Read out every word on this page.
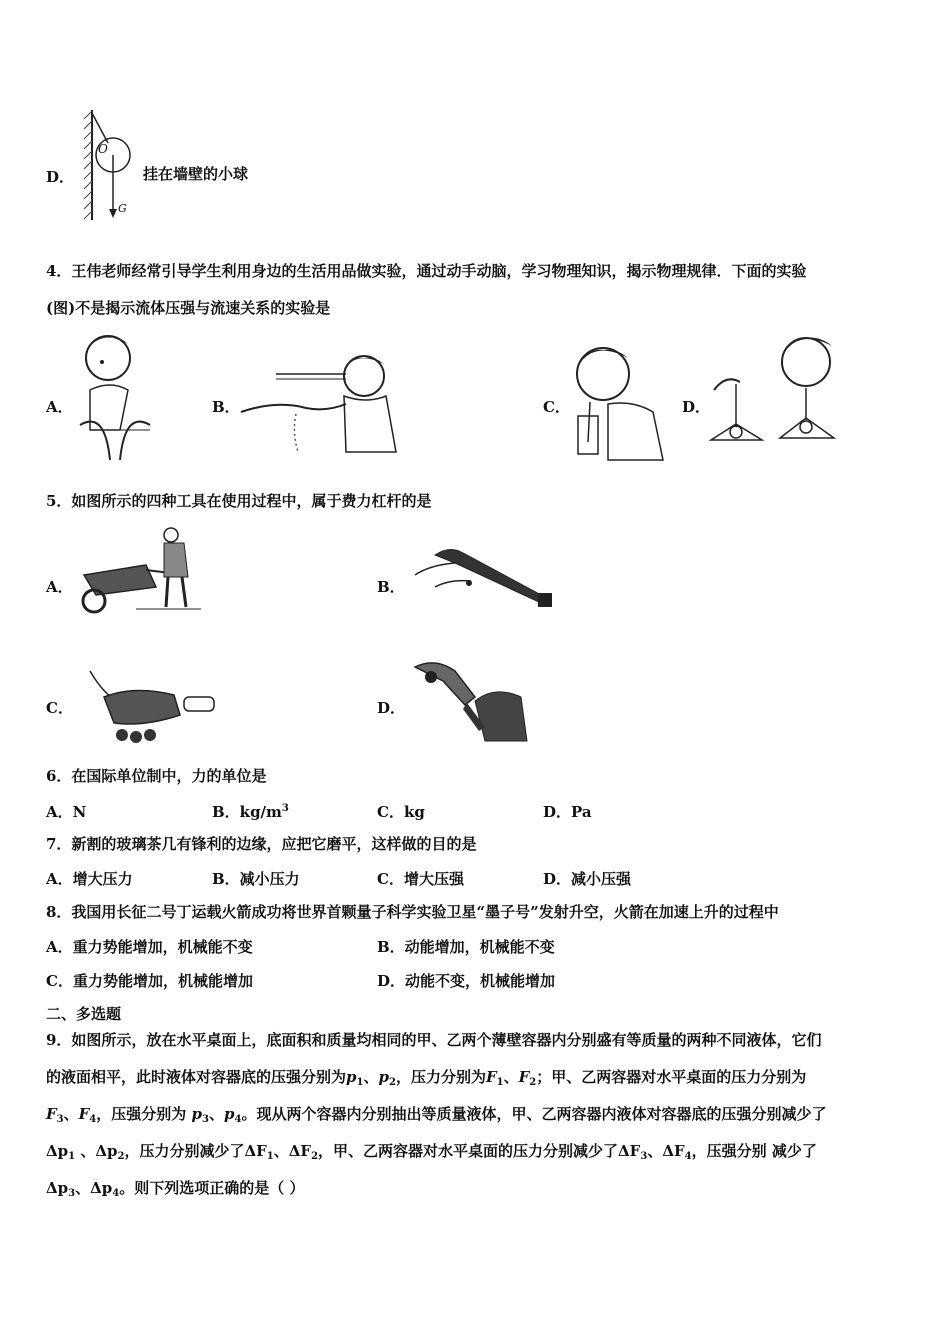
D．
O
G
挂在墙壁的小球
4．王伟老师经常引导学生利用身边的生活用品做实验，通过动手动脑，学习物理知识，揭示物理规律．下面的实验
(图)不是揭示流体压强与流速关系的实验是
A．	B．	C．	D．
5．如图所示的四种工具在使用过程中，属于费力杠杆的是
A．	B．
C．	D．
6．在国际单位制中，力的单位是
A．N	B．$kg/m^3$	C．kg	D．Pa
7．新割的玻璃茶几有锋利的边缘，应把它磨平，这样做的目的是
A．增大压力	B．减小压力	C．增大压强	D．减小压强
8．我国用长征二号丁运载火箭成功将世界首颗量子科学实验卫星“墨子号”发射升空，火箭在加速上升的过程中
A．重力势能增加，机械能不变	B．动能增加，机械能不变
C．重力势能增加，机械能增加	D．动能不变，机械能增加
二、多选题
9．如图所示，放在水平桌面上，底面积和质量均相同的甲、乙两个薄壁容器内分别盛有等质量的两种不同液体，它们
的液面相平，此时液体对容器底的压强分别为$p_1$、$p_2$，压力分别为$F_1$、$F_2$；甲、乙两容器对水平桌面的压力分别为
$F_3$、$F_4$，压强分别为 $p_3$、$p_4$。现从两个容器内分别抽出等质量液体，甲、乙两容器内液体对容器底的压强分别减少了
$\Delta p_1$ 、$\Delta p_2$，压力分别减少了$\Delta F_1$、$\Delta F_2$，甲、乙两容器对水平桌面的压力分别减少了$\Delta F_3$、$\Delta F_4$，压强分别 减少了
$\Delta p_3$、$\Delta p_4$。则下列选项正确的是（ ）
